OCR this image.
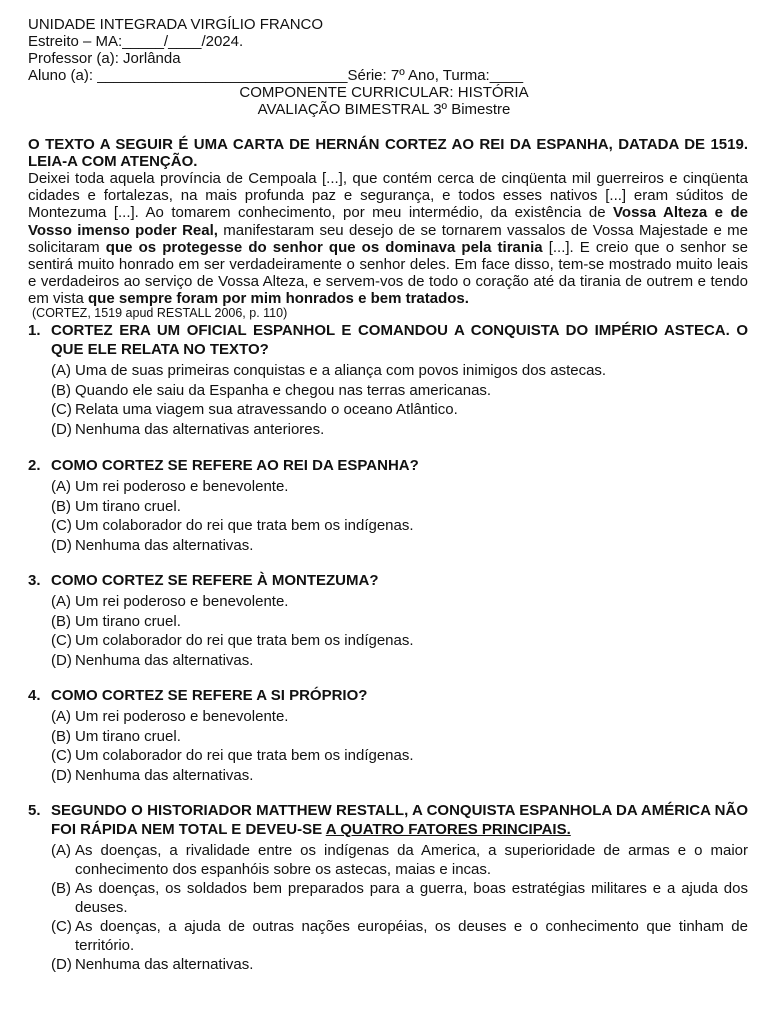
UNIDADE INTEGRADA VIRGÍLIO FRANCO
Estreito – MA:_____/____/2024.
Professor (a): Jorlânda
Aluno (a): ______________________________Série: 7º Ano, Turma:____
COMPONENTE CURRICULAR: HISTÓRIA
AVALIAÇÃO BIMESTRAL 3º Bimestre
O TEXTO A SEGUIR É UMA CARTA DE HERNÁN CORTEZ AO REI DA ESPANHA, DATADA DE 1519. LEIA-A COM ATENÇÃO.
Deixei toda aquela província de Cempoala [...], que contém cerca de cinqüenta mil guerreiros e cinqüenta cidades e fortalezas, na mais profunda paz e segurança, e todos esses nativos [...] eram súditos de Montezuma [...]. Ao tomarem conhecimento, por meu intermédio, da existência de Vossa Alteza e de Vosso imenso poder Real, manifestaram seu desejo de se tornarem vassalos de Vossa Majestade e me solicitaram que os protegesse do senhor que os dominava pela tirania [...]. E creio que o senhor se sentirá muito honrado em ser verdadeiramente o senhor deles. Em face disso, tem-se mostrado muito leais e verdadeiros ao serviço de Vossa Alteza, e servem-vos de todo o coração até da tirania de outrem e tendo em vista que sempre foram por mim honrados e bem tratados.
(CORTEZ, 1519 apud RESTALL 2006, p. 110)
1. CORTEZ ERA UM OFICIAL ESPANHOL E COMANDOU A CONQUISTA DO IMPÉRIO ASTECA. O QUE ELE RELATA NO TEXTO?
(A) Uma de suas primeiras conquistas e a aliança com povos inimigos dos astecas.
(B) Quando ele saiu da Espanha e chegou nas terras americanas.
(C) Relata uma viagem sua atravessando o oceano Atlântico.
(D) Nenhuma das alternativas anteriores.
2. COMO CORTEZ SE REFERE AO REI DA ESPANHA?
(A) Um rei poderoso e benevolente.
(B) Um tirano cruel.
(C) Um colaborador do rei que trata bem os indígenas.
(D) Nenhuma das alternativas.
3. COMO CORTEZ SE REFERE À MONTEZUMA?
(A) Um rei poderoso e benevolente.
(B) Um tirano cruel.
(C) Um colaborador do rei que trata bem os indígenas.
(D) Nenhuma das alternativas.
4. COMO CORTEZ SE REFERE A SI PRÓPRIO?
(A) Um rei poderoso e benevolente.
(B) Um tirano cruel.
(C) Um colaborador do rei que trata bem os indígenas.
(D) Nenhuma das alternativas.
5. SEGUNDO O HISTORIADOR MATTHEW RESTALL, A CONQUISTA ESPANHOLA DA AMÉRICA NÃO FOI RÁPIDA NEM TOTAL E DEVEU-SE A QUATRO FATORES PRINCIPAIS.
(A) As doenças, a rivalidade entre os indígenas da America, a superioridade de armas e o maior conhecimento dos espanhóis sobre os astecas, maias e incas.
(B) As doenças, os soldados bem preparados para a guerra, boas estratégias militares e a ajuda dos deuses.
(C) As doenças, a ajuda de outras nações européias, os deuses e o conhecimento que tinham de território.
(D) Nenhuma das alternativas.
